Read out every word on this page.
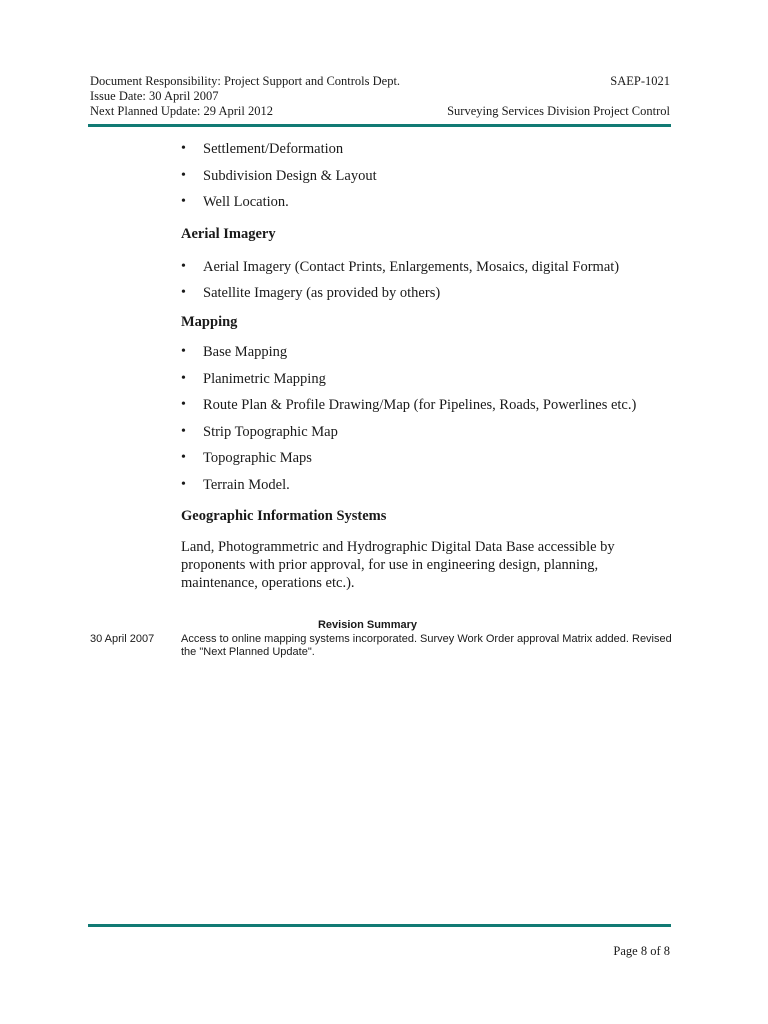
Document Responsibility: Project Support and Controls Dept.	SAEP-1021
Issue Date: 30 April 2007
Next Planned Update: 29 April 2012	Surveying Services Division Project Control
• Settlement/Deformation
• Subdivision Design & Layout
• Well Location.
Aerial Imagery
• Aerial Imagery (Contact Prints, Enlargements, Mosaics, digital Format)
• Satellite Imagery (as provided by others)
Mapping
• Base Mapping
• Planimetric Mapping
• Route Plan & Profile Drawing/Map (for Pipelines, Roads, Powerlines etc.)
• Strip Topographic Map
• Topographic Maps
• Terrain Model.
Geographic Information Systems
Land, Photogrammetric and Hydrographic Digital Data Base accessible by proponents with prior approval, for use in engineering design, planning, maintenance, operations etc.).
Revision Summary
30 April 2007 Access to online mapping systems incorporated. Survey Work Order approval Matrix added. Revised the "Next Planned Update".
Page 8 of 8
